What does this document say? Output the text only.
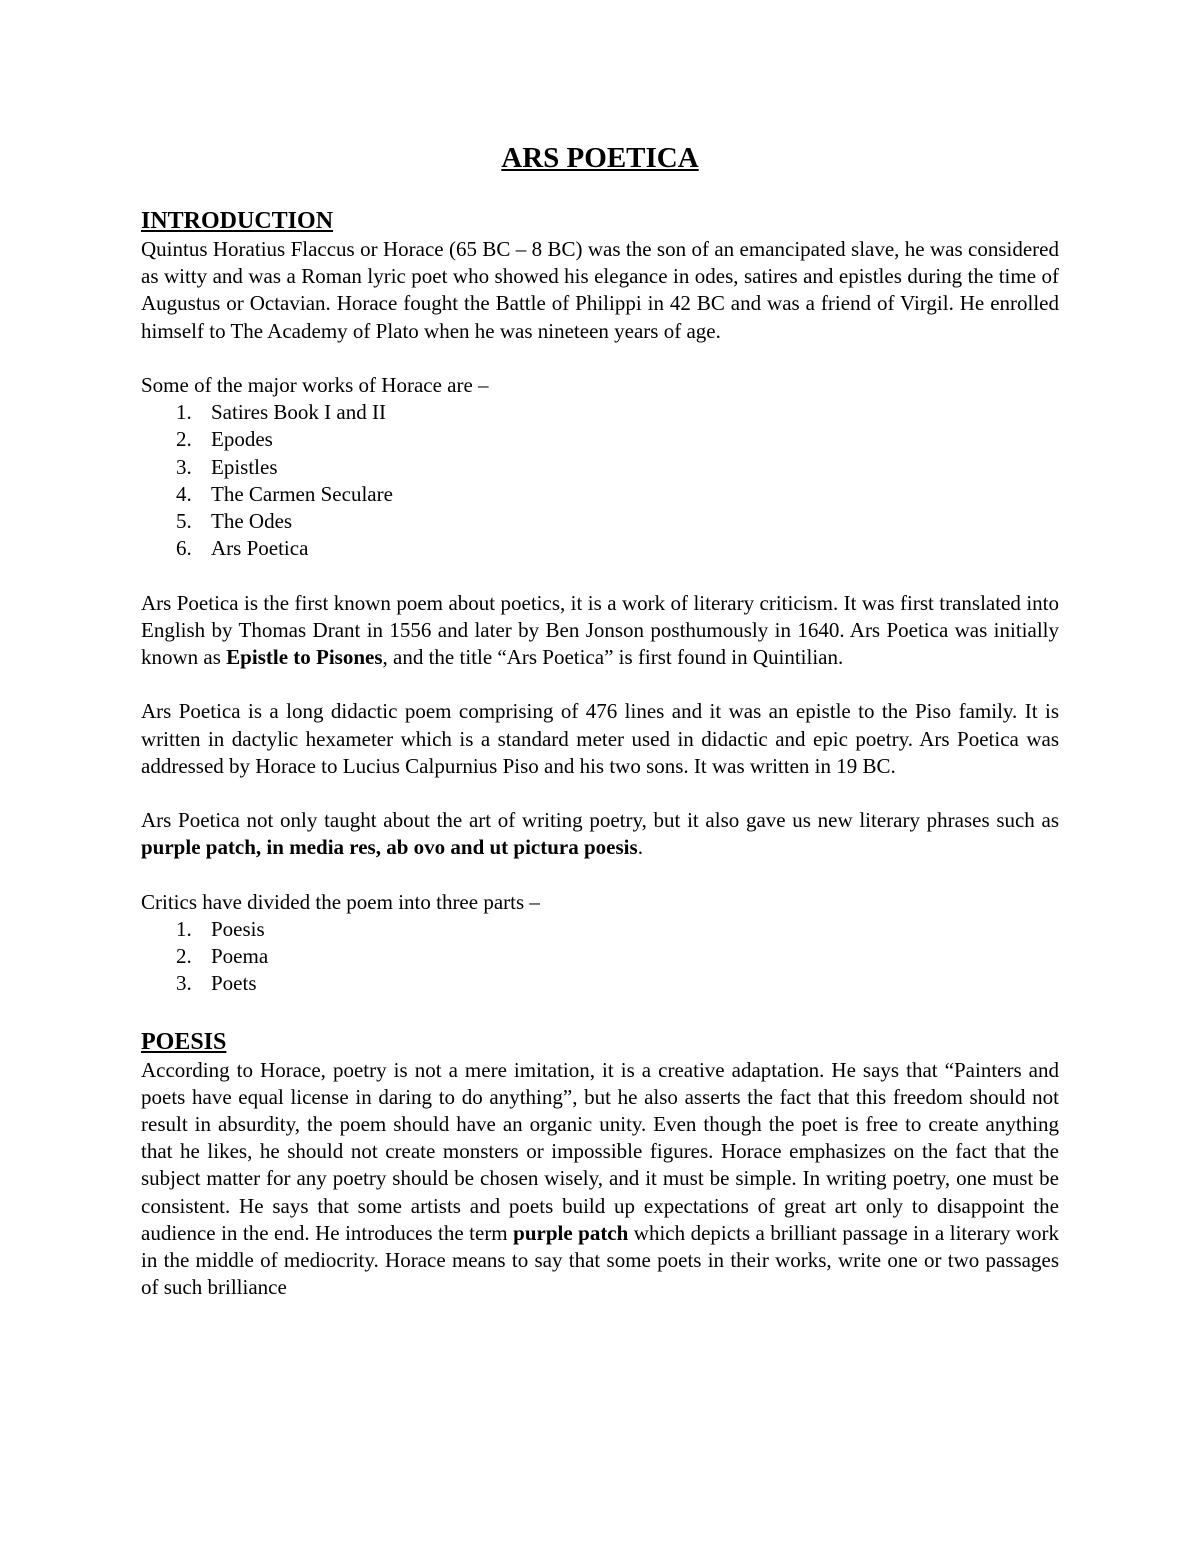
ARS POETICA
INTRODUCTION

Quintus Horatius Flaccus or Horace (65 BC – 8 BC) was the son of an emancipated slave, he was considered as witty and was a Roman lyric poet who showed his elegance in odes, satires and epistles during the time of Augustus or Octavian. Horace fought the Battle of Philippi in 42 BC and was a friend of Virgil. He enrolled himself to The Academy of Plato when he was nineteen years of age.

Some of the major works of Horace are –

1. Satires Book I and II
2. Epodes
3. Epistles
4. The Carmen Seculare
5. The Odes
6. Ars Poetica

Ars Poetica is the first known poem about poetics, it is a work of literary criticism. It was first translated into English by Thomas Drant in 1556 and later by Ben Jonson posthumously in 1640. Ars Poetica was initially known as Epistle to Pisones, and the title “Ars Poetica” is first found in Quintilian.

Ars Poetica is a long didactic poem comprising of 476 lines and it was an epistle to the Piso family. It is written in dactylic hexameter which is a standard meter used in didactic and epic poetry. Ars Poetica was addressed by Horace to Lucius Calpurnius Piso and his two sons. It was written in 19 BC.

Ars Poetica not only taught about the art of writing poetry, but it also gave us new literary phrases such as purple patch, in media res, ab ovo and ut pictura poesis.

Critics have divided the poem into three parts –

1. Poesis
2. Poema
3. Poets
POESIS

According to Horace, poetry is not a mere imitation, it is a creative adaptation. He says that “Painters and poets have equal license in daring to do anything”, but he also asserts the fact that this freedom should not result in absurdity, the poem should have an organic unity. Even though the poet is free to create anything that he likes, he should not create monsters or impossible figures. Horace emphasizes on the fact that the subject matter for any poetry should be chosen wisely, and it must be simple. In writing poetry, one must be consistent. He says that some artists and poets build up expectations of great art only to disappoint the audience in the end. He introduces the term purple patch which depicts a brilliant passage in a literary work in the middle of mediocrity. Horace means to say that some poets in their works, write one or two passages of such brilliance
